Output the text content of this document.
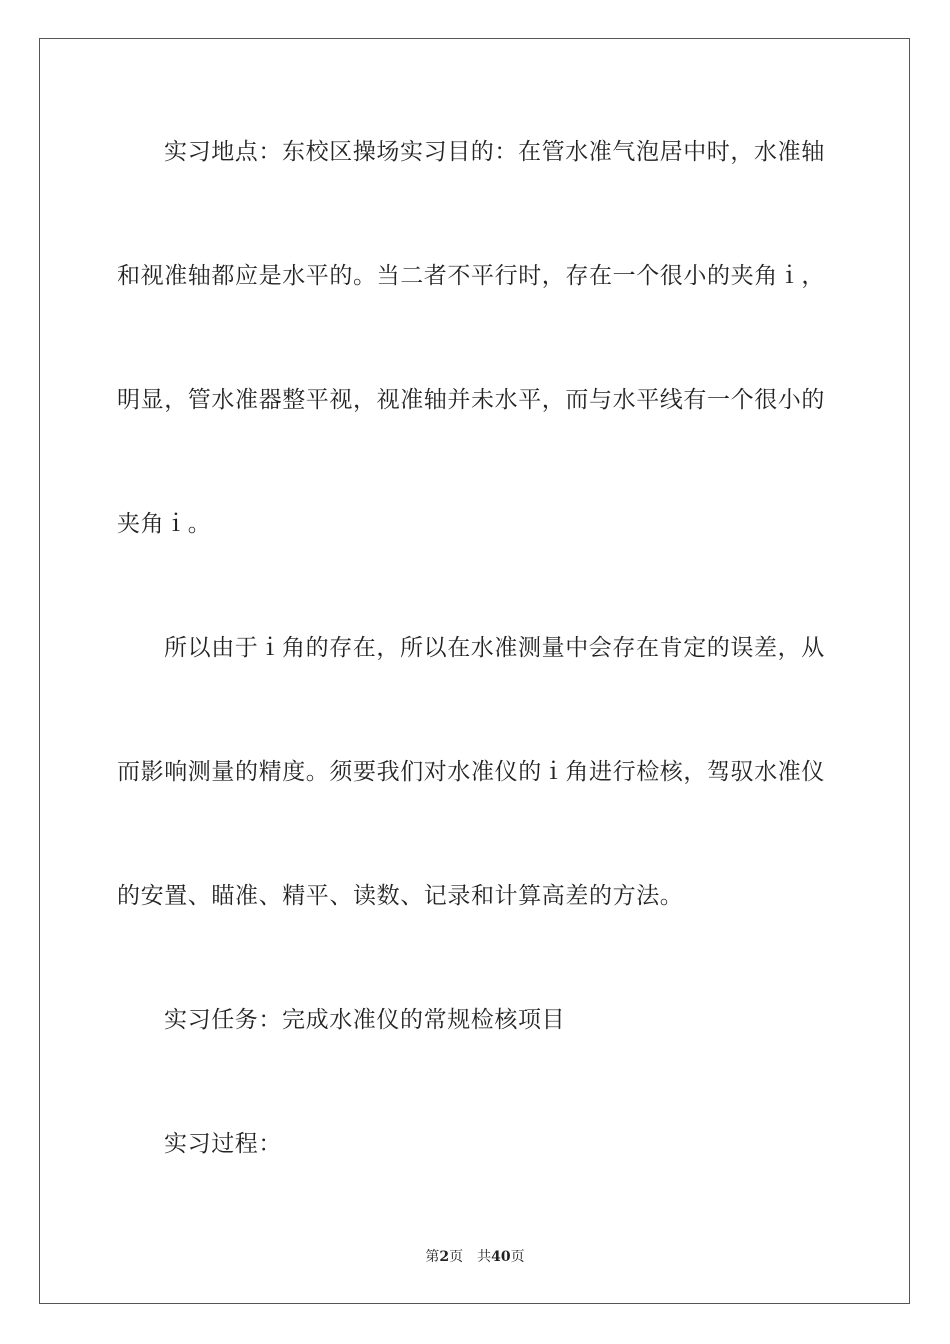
实习地点：东校区操场实习目的：在管水准气泡居中时，水准轴
和视准轴都应是水平的。当二者不平行时，存在一个很小的夹角ｉ，
明显，管水准器整平视，视准轴并未水平，而与水平线有一个很小的
夹角ｉ。
所以由于ｉ角的存在，所以在水准测量中会存在肯定的误差，从
而影响测量的精度。须要我们对水准仪的ｉ角进行检核，驾驭水准仪
的安置、瞄准、精平、读数、记录和计算高差的方法。
实习任务：完成水准仪的常规检核项目
实习过程：
第2页 共40页
